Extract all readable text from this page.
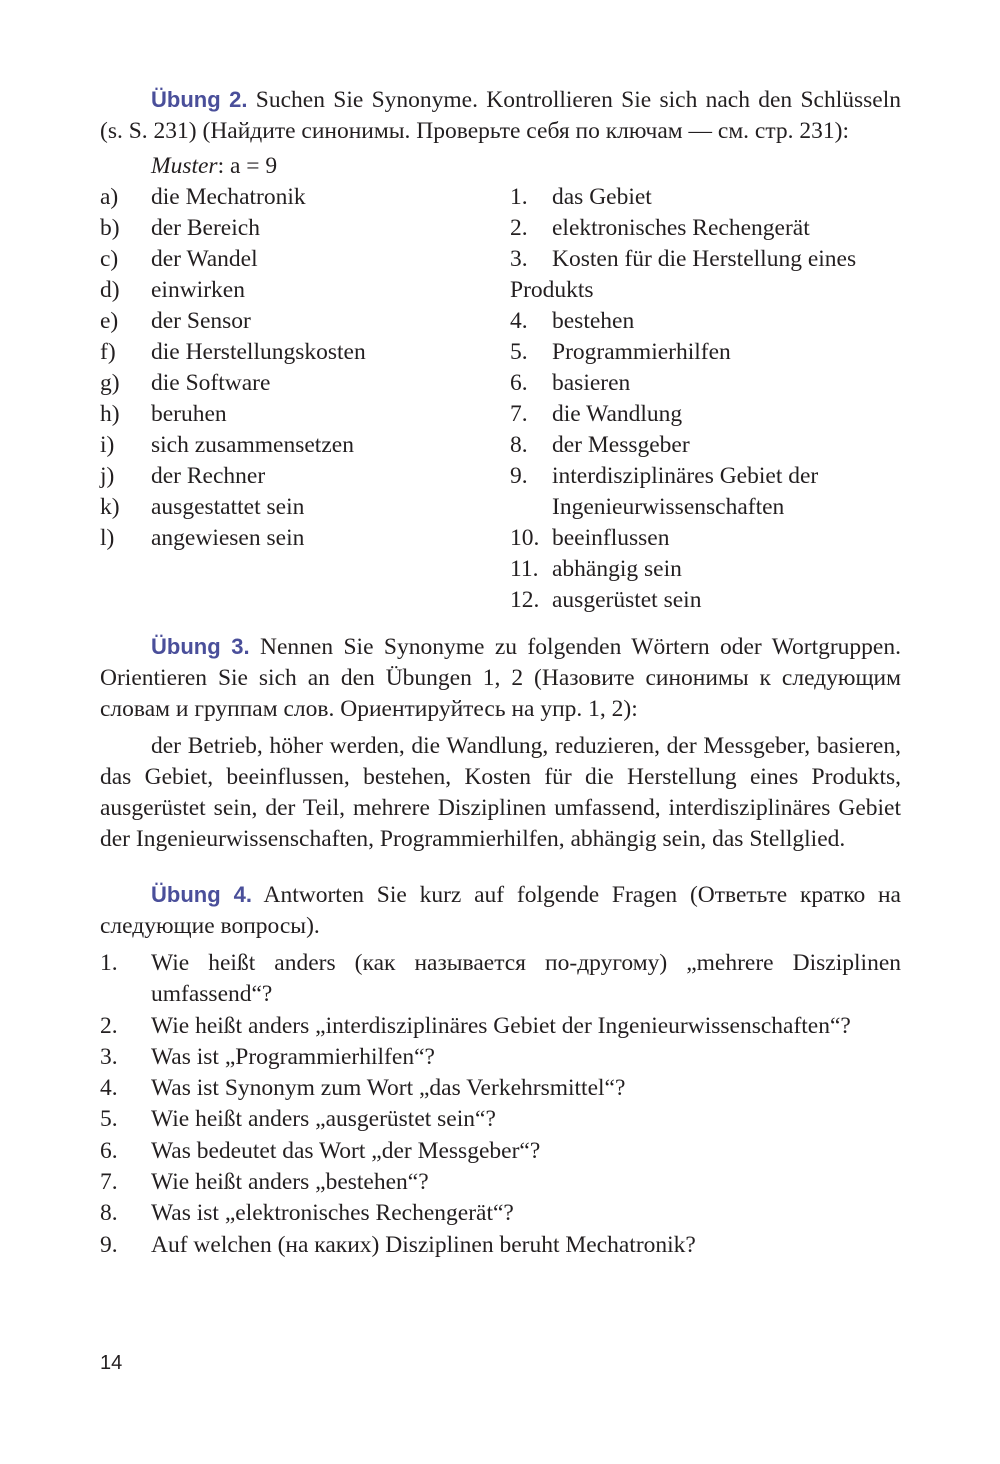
Übung 2. Suchen Sie Synonyme. Kontrollieren Sie sich nach den Schlüsseln (s. S. 231) (Найдите синонимы. Проверьте себя по ключам — см. стр. 231):

Muster: a = 9
a)	die Mechatronik
b)	der Bereich
c)	der Wandel
d)	einwirken
e)	der Sensor
f)	die Herstellungskosten
g)	die Software
h)	beruhen
i)	sich zusammensetzen
j)	der Rechner
k)	ausgestattet sein
l)	angewiesen sein
1.	das Gebiet
2.	elektronisches Rechengerät
3.	Kosten für die Herstellung eines
Produkts
4.	bestehen
5.	Programmierhilfen
6.	basieren
7.	die Wandlung
8.	der Messgeber
9.	interdisziplinäres Gebiet der
Ingenieurwissenschaften
10. beeinflussen
11. abhängig sein
12. ausgerüstet sein

Übung 3. Nennen Sie Synonyme zu folgenden Wörtern oder Wortgruppen. Orientieren Sie sich an den Übungen 1, 2 (Назовите синонимы к следующим словам и группам слов. Ориентируйтесь на упр. 1, 2):

der Betrieb, höher werden, die Wandlung, reduzieren, der Messgeber, basieren, das Gebiet, beeinflussen, bestehen, Kosten für die Herstellung eines Produkts, ausgerüstet sein, der Teil, mehrere Disziplinen umfassend, interdisziplinäres Gebiet der Ingenieurwissenschaften, Programmierhilfen, abhängig sein, das Stellglied.

Übung 4. Antworten Sie kurz auf folgende Fragen (Ответьте кратко на следующие вопросы).

1.	Wie heißt anders (как называется по-другому) „mehrere Disziplinen umfassend“?
2.	Wie heißt anders „interdisziplinäres Gebiet der Ingenieurwissenschaften“?
3.	Was ist „Programmierhilfen“?
4.	Was ist Synonym zum Wort „das Verkehrsmittel“?
5.	Wie heißt anders „ausgerüstet sein“?
6.	Was bedeutet das Wort „der Messgeber“?
7.	Wie heißt anders „bestehen“?
8.	Was ist „elektronisches Rechengerät“?
9.	Auf welchen (на каких) Disziplinen beruht Mechatronik?
14
